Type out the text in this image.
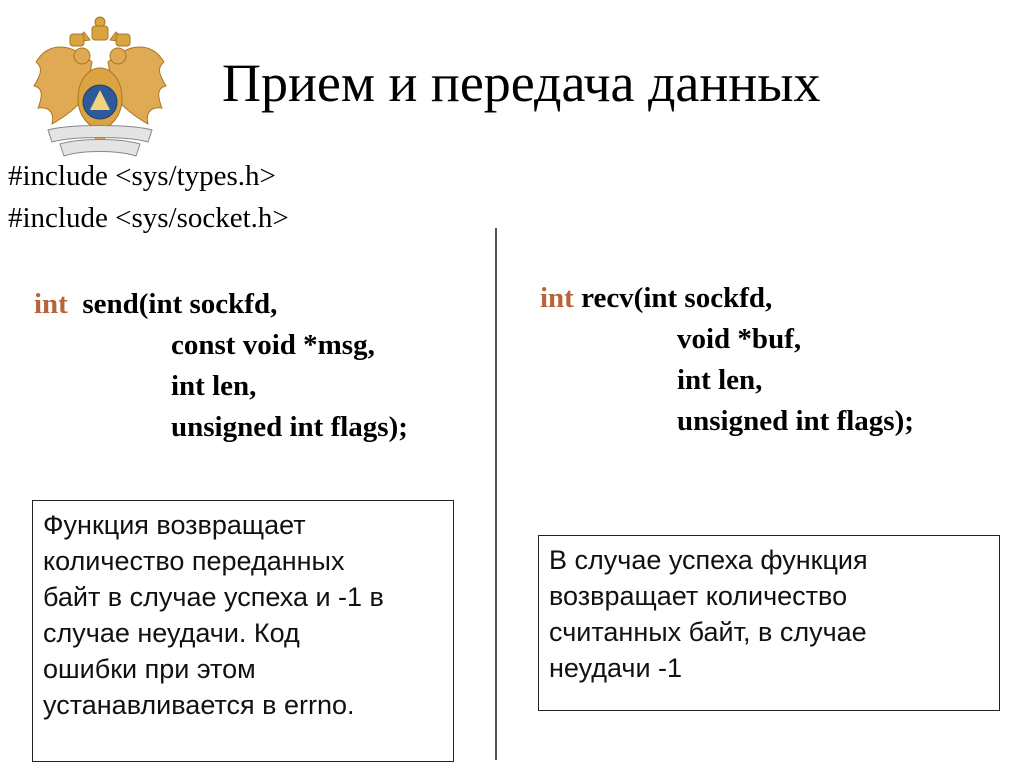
Прием и передача данных
#include <sys/types.h>
#include <sys/socket.h>
int send(int sockfd,
const void *msg,
int len,
unsigned int flags);
int recv(int sockfd,
void *buf,
int len,
unsigned int flags);
Функция возвращает
количество переданных
байт в случае успеха и -1 в
случае неудачи. Код
ошибки при этом
устанавливается в errno.
В случае успеха функция
возвращает количество
считанных байт, в случае
неудачи -1
